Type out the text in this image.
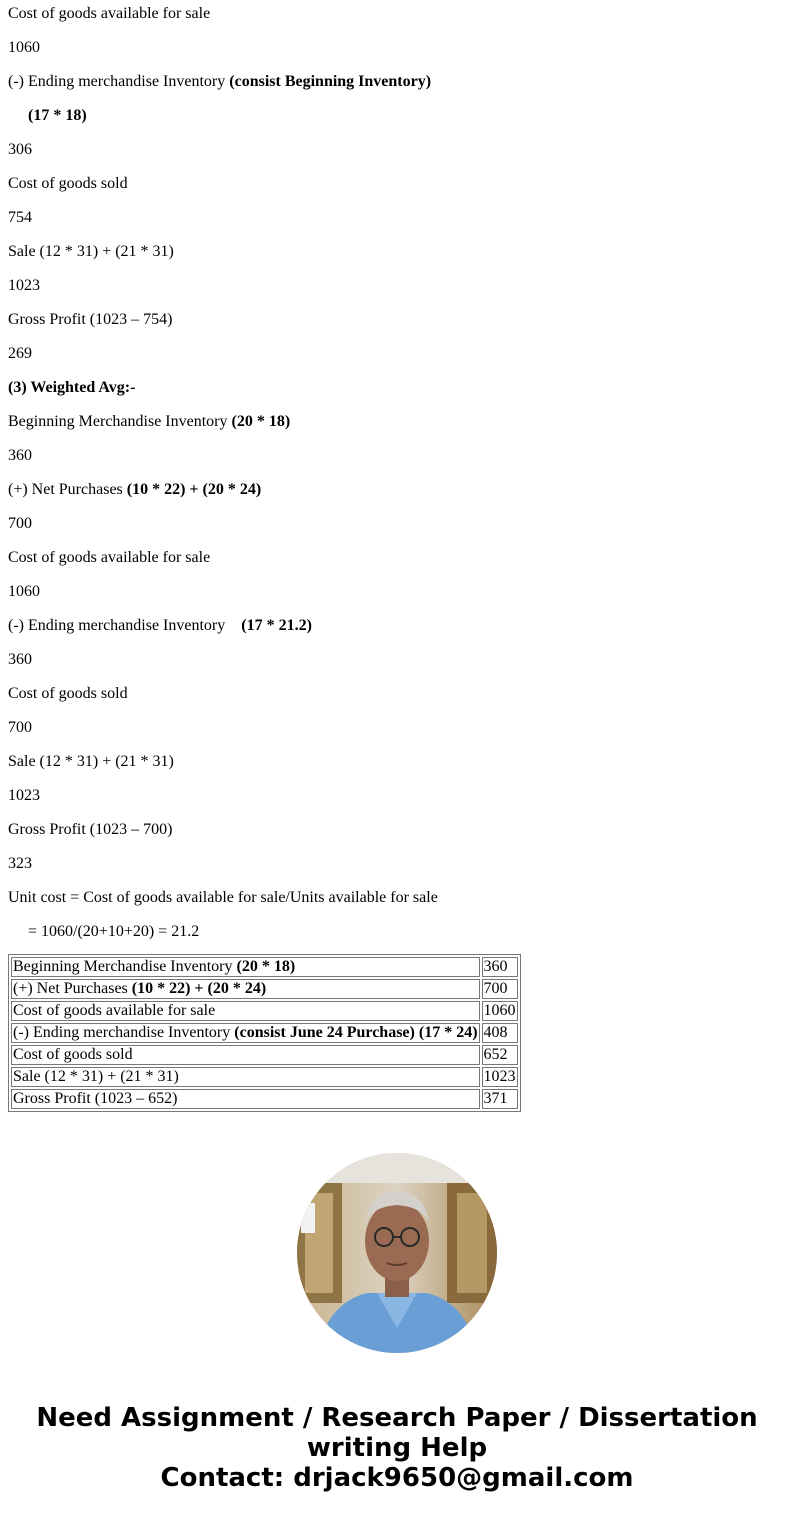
Cost of goods available for sale

1060

(-) Ending merchandise Inventory (consist Beginning Inventory)

(17 * 18)

306

Cost of goods sold

754

Sale (12 * 31) + (21 * 31)

1023

Gross Profit (1023 – 754)

269

(3) Weighted Avg:-

Beginning Merchandise Inventory (20 * 18)

360

(+) Net Purchases (10 * 22) + (20 * 24)

700

Cost of goods available for sale

1060

(-) Ending merchandise Inventory    (17 * 21.2)

360

Cost of goods sold

700

Sale (12 * 31) + (21 * 31)

1023

Gross Profit (1023 – 700)

323

Unit cost = Cost of goods available for sale/Units available for sale

= 1060/(20+10+20) = 21.2

Beginning Merchandise Inventory (20 * 18)	360
(+) Net Purchases (10 * 22) + (20 * 24)	700
Cost of goods available for sale	1060
(-) Ending merchandise Inventory (consist June 24 Purchase) (17 * 24)	408
Cost of goods sold	652
Sale (12 * 31) + (21 * 31)	1023
Gross Profit (1023 – 652)	371
Need Assignment / Research Paper / Dissertation
writing Help
Contact: drjack9650@gmail.com
